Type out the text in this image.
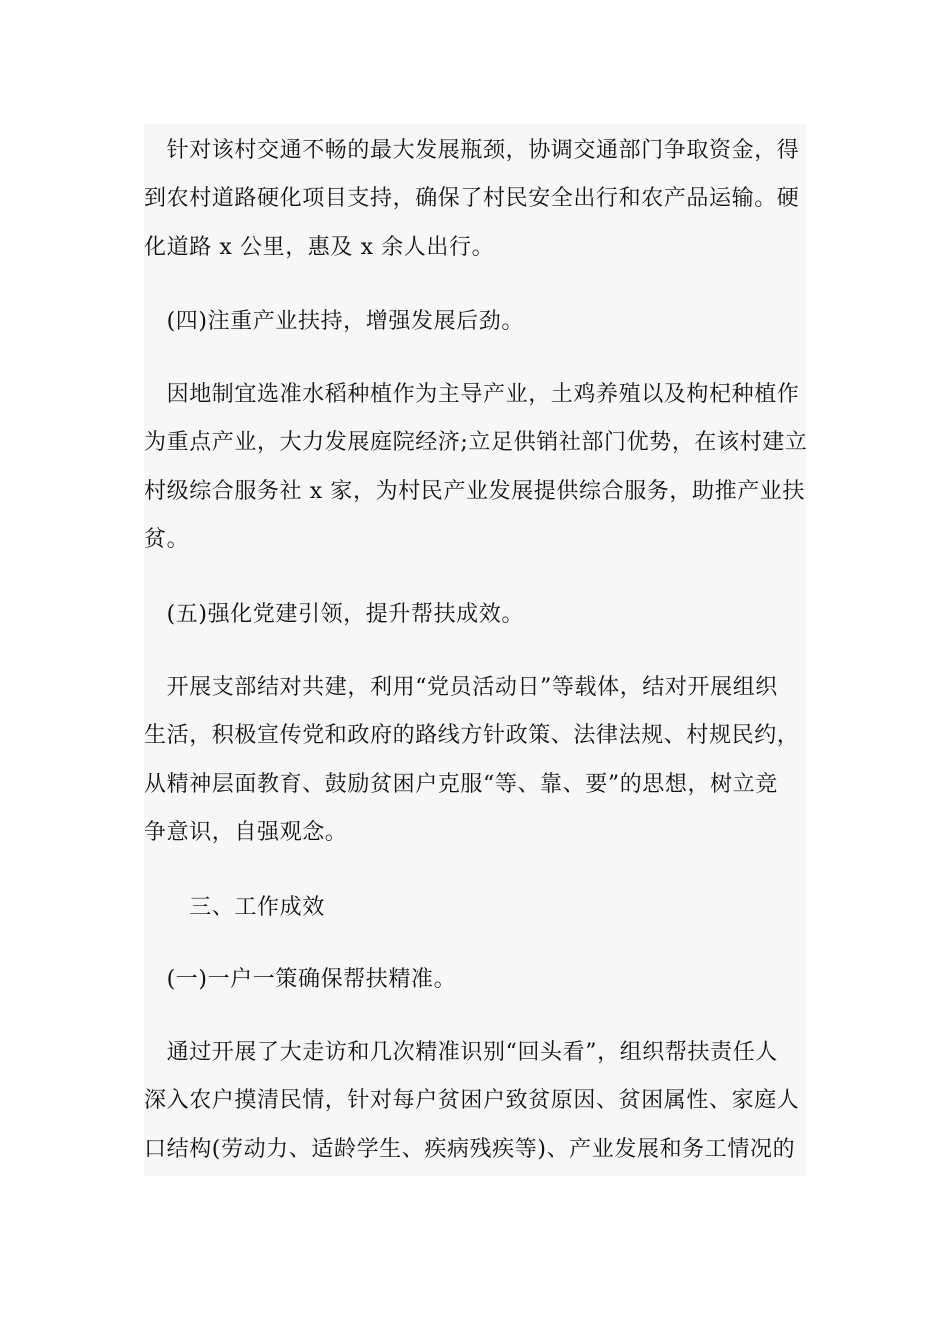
　针对该村交通不畅的最大发展瓶颈，协调交通部门争取资金，得
到农村道路硬化项目支持，确保了村民安全出行和农产品运输。硬
化道路 x 公里，惠及 x 余人出行。

　(四)注重产业扶持，增强发展后劲。

　因地制宜选准水稻种植作为主导产业，土鸡养殖以及枸杞种植作
为重点产业，大力发展庭院经济;立足供销社部门优势，在该村建立
村级综合服务社 x 家，为村民产业发展提供综合服务，助推产业扶
贫。

　(五)强化党建引领，提升帮扶成效。

　开展支部结对共建，利用“党员活动日”等载体，结对开展组织
生活，积极宣传党和政府的路线方针政策、法律法规、村规民约，
从精神层面教育、鼓励贫困户克服“等、靠、要”的思想，树立竞
争意识，自强观念。

　　三、工作成效

　(一)一户一策确保帮扶精准。

　通过开展了大走访和几次精准识别“回头看”，组织帮扶责任人
深入农户摸清民情，针对每户贫困户致贫原因、贫困属性、家庭人
口结构(劳动力、适龄学生、疾病残疾等)、产业发展和务工情况的
